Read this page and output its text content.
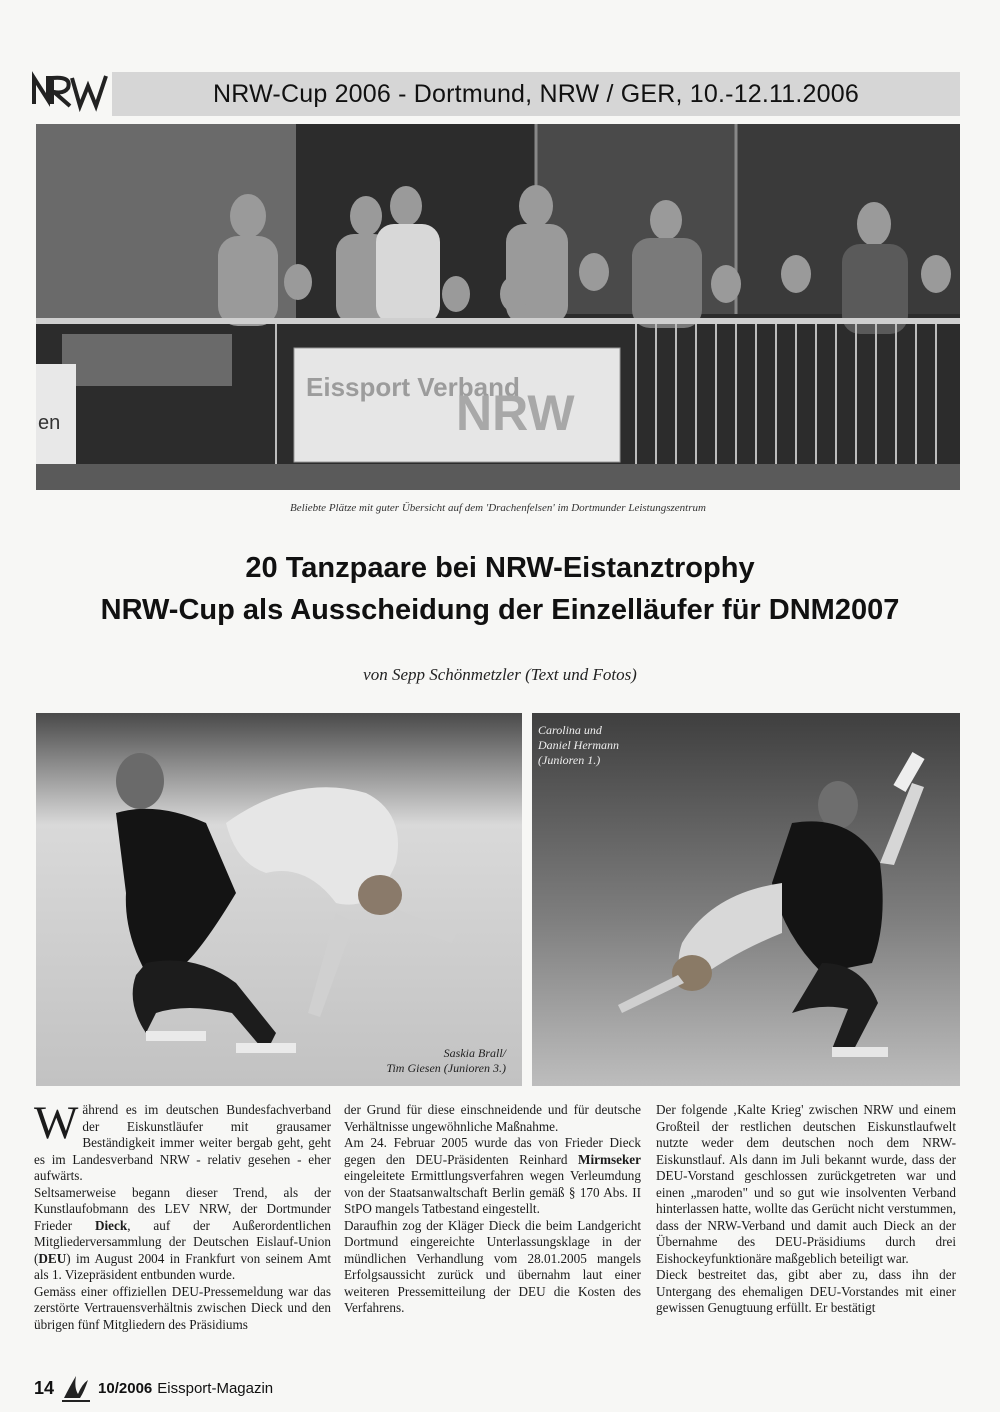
NRW-Cup 2006 - Dortmund, NRW / GER, 10.-12.11.2006
en
Eissport Verband
NRW
Beliebte Plätze mit guter Übersicht auf dem 'Drachenfelsen' im Dortmunder Leistungszentrum
20 Tanzpaare bei NRW-Eistanztrophy
NRW-Cup als Ausscheidung der Einzelläufer für DNM2007
von Sepp Schönmetzler (Text und Fotos)
Carolina und
Daniel Hermann
(Junioren 1.)
Saskia Brall/
Tim Giesen (Junioren 3.)

Während es im deutschen Bundesfachverband der Eiskunstläufer mit grausamer Beständigkeit immer weiter bergab geht, geht es im Landesverband NRW - relativ gesehen - eher aufwärts.

Seltsamerweise begann dieser Trend, als der Kunstlaufobmann des LEV NRW, der Dortmunder Frieder Dieck, auf der Außerordentlichen Mitgliederversammlung der Deutschen Eislauf-Union (DEU) im August 2004 in Frankfurt von seinem Amt als 1. Vizepräsident entbunden wurde.

Gemäss einer offiziellen DEU-Pressemeldung war das zerstörte Vertrauensverhältnis zwischen Dieck und den übrigen fünf Mitgliedern des Präsidiums

der Grund für diese einschneidende und für deutsche Verhältnisse ungewöhnliche Maßnahme.

Am 24. Februar 2005 wurde das von Frieder Dieck gegen den DEU-Präsidenten Reinhard Mirmseker eingeleitete Ermittlungsverfahren wegen Verleumdung von der Staatsanwaltschaft Berlin gemäß § 170 Abs. II StPO mangels Tatbestand eingestellt.

Daraufhin zog der Kläger Dieck die beim Landgericht Dortmund eingereichte Unterlassungsklage in der mündlichen Verhandlung vom 28.01.2005 mangels Erfolgsaussicht zurück und übernahm laut einer weiteren Pressemitteilung der DEU die Kosten des Verfahrens.

Der folgende ‚Kalte Krieg' zwischen NRW und einem Großteil der restlichen deutschen Eiskunstlaufwelt nutzte weder dem deutschen noch dem NRW-Eiskunstlauf. Als dann im Juli bekannt wurde, dass der DEU-Vorstand geschlossen zurückgetreten war und einen „maroden" und so gut wie insolventen Verband hinterlassen hatte, wollte das Gerücht nicht verstummen, dass der NRW-Verband und damit auch Dieck an der Übernahme des DEU-Präsidiums durch drei Eishockeyfunktionäre maßgeblich beteiligt war.

Dieck bestreitet das, gibt aber zu, dass ihn der Untergang des ehemaligen DEU-Vorstandes mit einer gewissen Genugtuung erfüllt. Er bestätigt

14	10/2006 Eissport-Magazin
